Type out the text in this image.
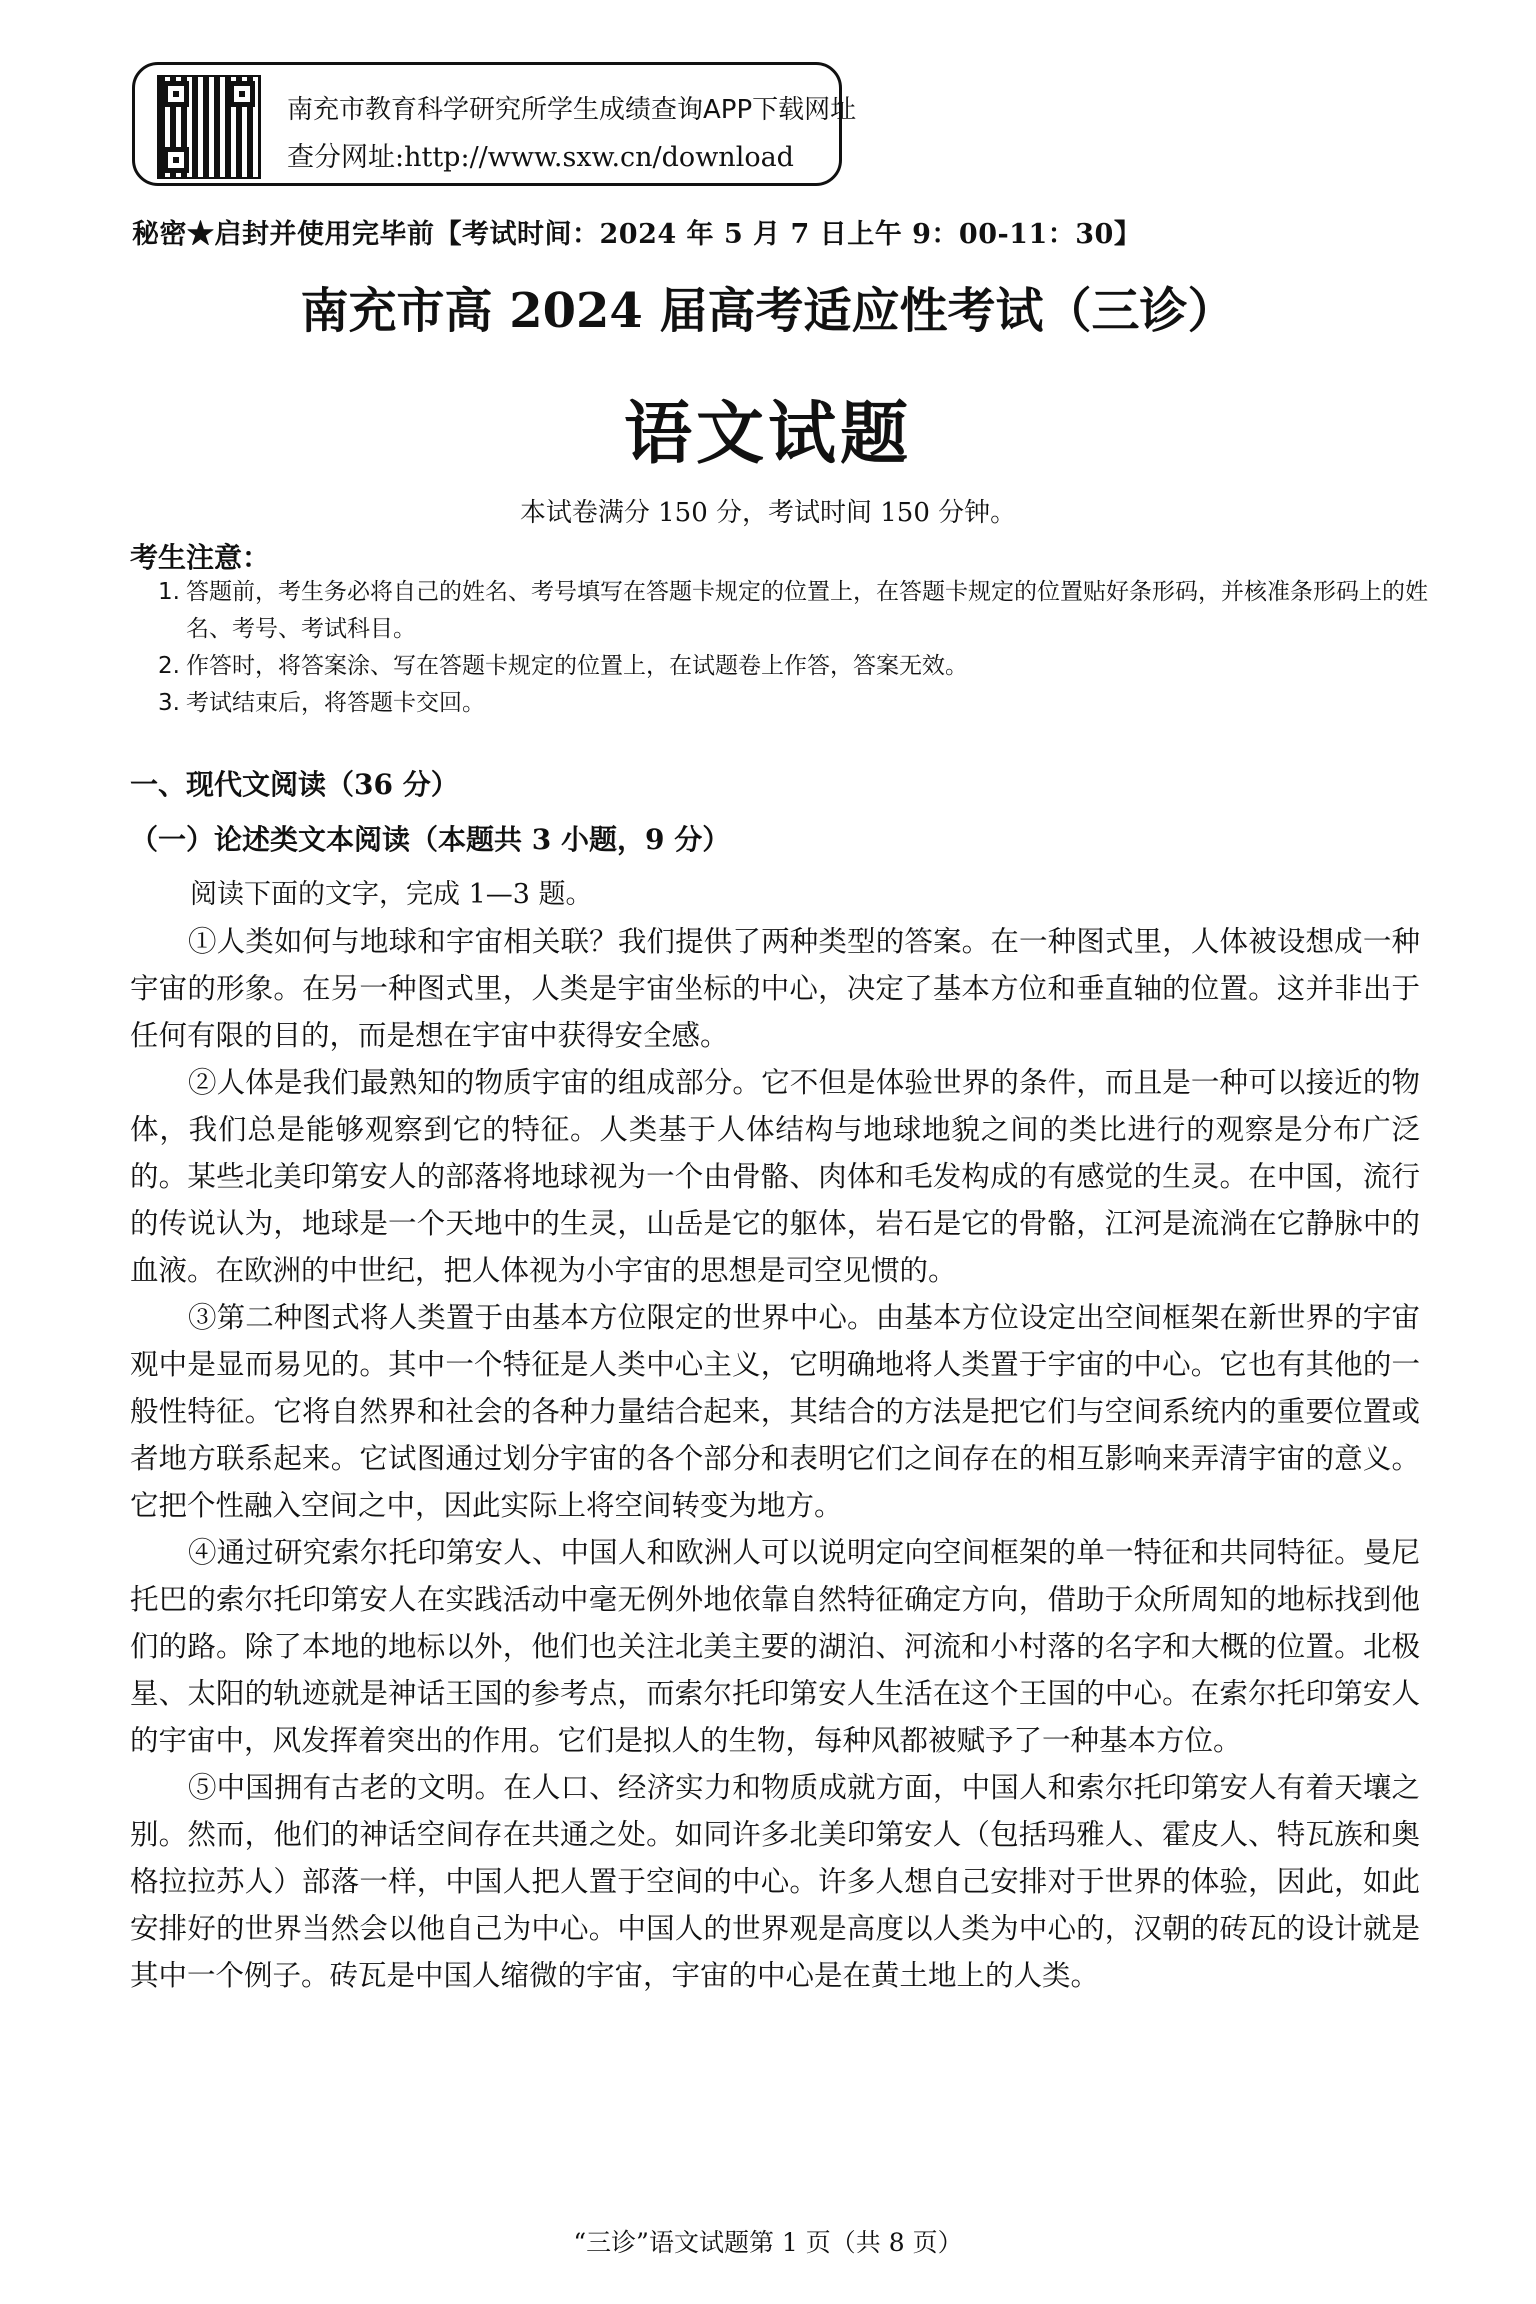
南充市教育科学研究所学生成绩查询APP下载网址
查分网址:http://www.sxw.cn/download
秘密★启封并使用完毕前【考试时间：2024 年 5 月 7 日上午 9：00-11：30】
南充市高 2024 届高考适应性考试（三诊）
语文试题
本试卷满分 150 分，考试时间 150 分钟。
考生注意：
1. 答题前，考生务必将自己的姓名、考号填写在答题卡规定的位置上，在答题卡规定的位置贴好条形码，并核准条形码上的姓名、考号、考试科目。
2. 作答时，将答案涂、写在答题卡规定的位置上，在试题卷上作答，答案无效。
3. 考试结束后，将答题卡交回。
一、现代文阅读（36 分）
（一）论述类文本阅读（本题共 3 小题，9 分）
阅读下面的文字，完成 1—3 题。

①人类如何与地球和宇宙相关联？我们提供了两种类型的答案。在一种图式里，人体被设想成一种宇宙的形象。在另一种图式里，人类是宇宙坐标的中心，决定了基本方位和垂直轴的位置。这并非出于任何有限的目的，而是想在宇宙中获得安全感。

②人体是我们最熟知的物质宇宙的组成部分。它不但是体验世界的条件，而且是一种可以接近的物体，我们总是能够观察到它的特征。人类基于人体结构与地球地貌之间的类比进行的观察是分布广泛的。某些北美印第安人的部落将地球视为一个由骨骼、肉体和毛发构成的有感觉的生灵。在中国，流行的传说认为，地球是一个天地中的生灵，山岳是它的躯体，岩石是它的骨骼，江河是流淌在它静脉中的血液。在欧洲的中世纪，把人体视为小宇宙的思想是司空见惯的。

③第二种图式将人类置于由基本方位限定的世界中心。由基本方位设定出空间框架在新世界的宇宙观中是显而易见的。其中一个特征是人类中心主义，它明确地将人类置于宇宙的中心。它也有其他的一般性特征。它将自然界和社会的各种力量结合起来，其结合的方法是把它们与空间系统内的重要位置或者地方联系起来。它试图通过划分宇宙的各个部分和表明它们之间存在的相互影响来弄清宇宙的意义。它把个性融入空间之中，因此实际上将空间转变为地方。

④通过研究索尔托印第安人、中国人和欧洲人可以说明定向空间框架的单一特征和共同特征。曼尼托巴的索尔托印第安人在实践活动中毫无例外地依靠自然特征确定方向，借助于众所周知的地标找到他们的路。除了本地的地标以外，他们也关注北美主要的湖泊、河流和小村落的名字和大概的位置。北极星、太阳的轨迹就是神话王国的参考点，而索尔托印第安人生活在这个王国的中心。在索尔托印第安人的宇宙中，风发挥着突出的作用。它们是拟人的生物，每种风都被赋予了一种基本方位。

⑤中国拥有古老的文明。在人口、经济实力和物质成就方面，中国人和索尔托印第安人有着天壤之别。然而，他们的神话空间存在共通之处。如同许多北美印第安人（包括玛雅人、霍皮人、特瓦族和奥格拉拉苏人）部落一样，中国人把人置于空间的中心。许多人想自己安排对于世界的体验，因此，如此安排好的世界当然会以他自己为中心。中国人的世界观是高度以人类为中心的，汉朝的砖瓦的设计就是其中一个例子。砖瓦是中国人缩微的宇宙，宇宙的中心是在黄土地上的人类。

“三诊”语文试题第 1 页（共 8 页）
